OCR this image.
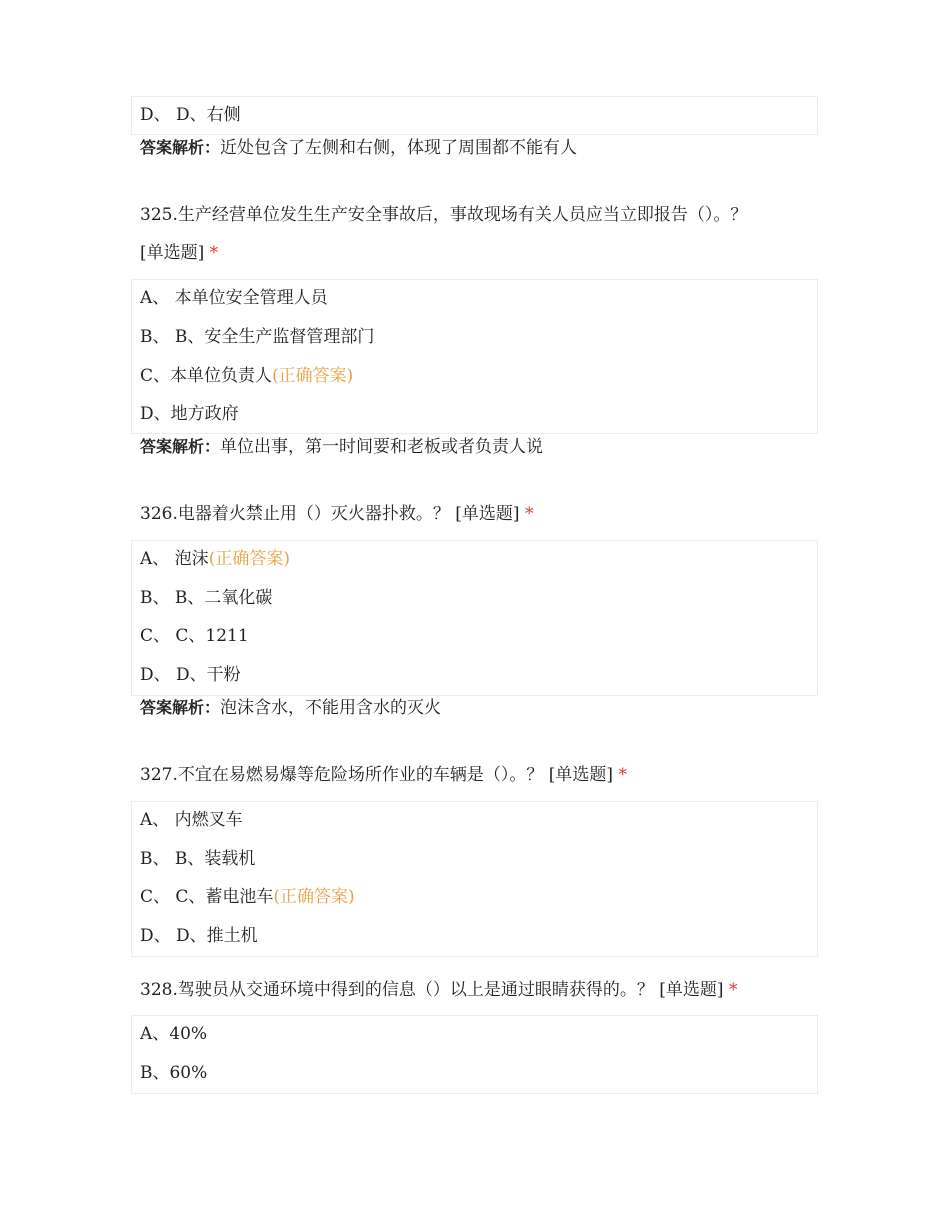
D、 D、右侧
答案解析：近处包含了左侧和右侧，体现了周围都不能有人
325.生产经营单位发生生产安全事故后，事故现场有关人员应当立即报告（）。？
[单选题] *
A、 本单位安全管理人员
B、 B、安全生产监督管理部门
C、本单位负责人(正确答案)
D、地方政府
答案解析：单位出事，第一时间要和老板或者负责人说
326.电器着火禁止用（）灭火器扑救。？ [单选题] *
A、 泡沫(正确答案)
B、 B、二氧化碳
C、 C、1211
D、 D、干粉
答案解析：泡沫含水，不能用含水的灭火
327.不宜在易燃易爆等危险场所作业的车辆是（）。？ [单选题] *
A、 内燃叉车
B、 B、装载机
C、 C、蓄电池车(正确答案)
D、 D、推土机
328.驾驶员从交通环境中得到的信息（）以上是通过眼睛获得的。？ [单选题] *
A、40%
B、60%
